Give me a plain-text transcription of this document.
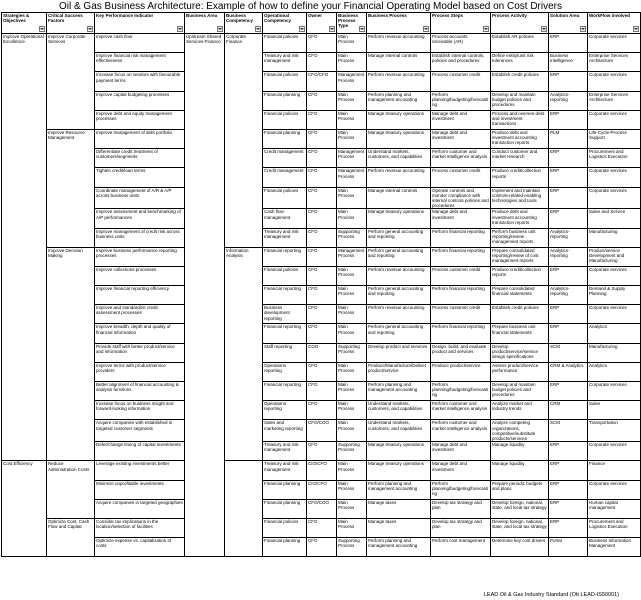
Oil & Gas Business Architecture: Example of how to define your Financial Operating Model based on Cost Drivers
Strategies & Objectives	Critical Success Factors	Key Performance Indicator	Business Area	Business Competency	Operational Competency	Owner	Business Process Type	Business Process	Process Steps	Process Activity	Solution Area	WorkFlow involved

Improve Operational Excellence	Improve Corporate Services	Improve cash flow	Upstream Shared Services-Finance	Corporate Finance	Financial policies	CFO	Main Process	Perform revenue accounting	Process accounts receivable (AR)	Establish AR policies	ERP	Corporate services
		Improve financial risk management effectiveness			Treasury and risk management	CFO	Main Process	Manage internal controls	Establish internal controls, policies and procedures	Define entity/unit risk tolerances	Business Intelligence	Enterprise Services Architecture
		Increase focus on vendors with favourable payment terms			Financial policies	CFO/CFO	Management Process	Perform revenue accounting	Process customer credit	Establish credit policies	ERP	Corporate services
		Improve capital budgeting processes			Financial planning	CFO	Main Process	Perform planning and management accounting	Perform planning/budgeting/forecasting	Develop and maintain budget policies and procedures	Analytics-reporting	Enterprise Services Architecture
		Improve debt and equity management processes			Financial policies	CFO	Main Process	Manage treasury operations	Manage debt and investment	Process and oversee debt and investment transactions	ERP	Corporate services
	Improve Resource Management	Improve management of debt portfolio			Financial planning	CFO	Main Process	Manage treasury operations	Manage debt and investment	Produce debt and investment accounting transaction reports	PLM	Life-Cycle-Process Support
		Differentiate credit treatment of customers/segments			Credit management	CFO	Management Process	Understand markets, customers, and capabilities	Perform customer and market intelligence analysis	Conduct customer and market research	ERP	Procurement and Logistics Execution
		Tighten credit/loan terms			Credit management	CFO	Management Process	Perform revenue accounting	Process customer credit	Produce credit/collection reports	ERP	Corporate services
		Coordinate management of A/R & A/P across business units			Financial policies	CFO	Main Process	Manage internal controls	Operate controls and monitor compliance with internal controls policies and procedures	Implement and maintain controls-related enabling technologies and tools	ERP	Corporate services
		Improve assessment and benchmarking of A/P performances			Cash flow management	CFO	Main Process	Manage treasury operations	Manage debt and investment	Produce debt and investment accounting transaction reports	ERP	Sales and Service
		Improve management of credit risk across business units			Treasury and risk management	CFO	Supporting Process	Perform general accounting and reporting	Perform financial reporting	Perform business unit reporting/review management reports	Analytics-reporting	Manufacturing
	Improve Decision Making	Improve business performance reporting processes		Information Analysis	Financial reporting	CFO	Management Process	Perform general accounting and reporting	Perform financial reporting	Prepare consolidated reporting/review of cost management reports	Analytics-reporting	Product/service Development and Manufacturing
		Improve collections processes			Financial policies	CFO	Main Process	Perform revenue accounting	Process customer credit	Produce credit/collection reports	ERP	Corporate services
		Improve financial reporting efficiency			Financial reporting	CFO	Main Process	Perform general accounting and reporting	Perform financial reporting	Prepare consolidated financial statements	Analytics-reporting	Demand & Supply Planning
		Improve and standardize credit assessment processes			Business development reporting	CFO	Main Process	Perform revenue accounting	Process customer credit	Establish credit policies	ERP	Corporate services
		Improve breadth, depth and quality of financial information			Financial reporting	CFO	Main Process	Perform general accounting and reporting	Perform financial reporting	Prepare business unit financial statements	ERP	Analytics
		Provide staff with better product/service and information			Staff reporting	COO	Supporting Process	Develop product and services	Design, build, and evaluate product and services	Develop product/service/service design specifications	SCM	Manufacturing
		Improve terms with product/service providers			Operations reporting	CFO	Main Process	Produce/Manufacture/Deliver product/service	Produce product/service	Assess product/service performance	CRM & Analytics	Analytics
		Better alignment of financial accounting & analysis functions			Financial reporting	CFO	Main Process	Perform planning and management accounting	Perform planning/budgeting/forecasting	Develop and maintain budget policies and procedures	ERP	Corporate services
		Increase focus on business insight and forward-looking information			Operations reporting	CFO	Main Process	Understand markets, customers, and capabilities	Perform customer and market intelligence analysis	Analyze market and industry trends	CRM	Sales
		Acquire companies with established in targeted customer segments			Sales and marketing reporting	CFO/COO	Main Process	Understand markets, customers, and capabilities	Perform customer and market intelligence analysis	Analyze competing organizations, competitive/substitute products/services	SCM	Transportation
		Defer/change timing of capital investments			Treasury and risk management	CFO	Supporting Process	Manage treasury operations	Manage debt and investment	Manage liquidity	ERP	Corporate services
Cost Efficiency	Reduce Administration Costs	Leverage existing investments better			Treasury and risk management	CIO/CFO	Main Process	Manage treasury operations	Manage debt and investment	Manage liquidity	ERP	Finance
		Minimize unprofitable investments			Financial planning	CIO/CFO	Main Process	Perform planning and management accounting	Perform planning/budgeting/forecasting	Prepare periodic budgets and plans	ERP	Corporate services
		Acquire companies in targeted geographies			Financial planning	CFO/COO	Main Process	Manage taxes	Develop tax strategy and plan	Develop foreign, national, state, and local tax strategy	ERP	Human capital management
	Optimize Cost, Cash Flow and Capital	Consider tax implications in the location/selection of facilities			Financial policies	CFO	Main Process	Manage taxes	Develop tax strategy and plan	Develop foreign, national, state, and local tax strategy	ERP	Procurement and Logistics Execution
		Optimize expense vs. capitalization of costs			Financial planning	CFO	Supporting Process	Perform planning and management accounting	Perform cost management	Determine key cost drivers	Portal	Business Information Management
LEAD Oil & Gas Industry Standard (Ott LEAD-IS50001)
